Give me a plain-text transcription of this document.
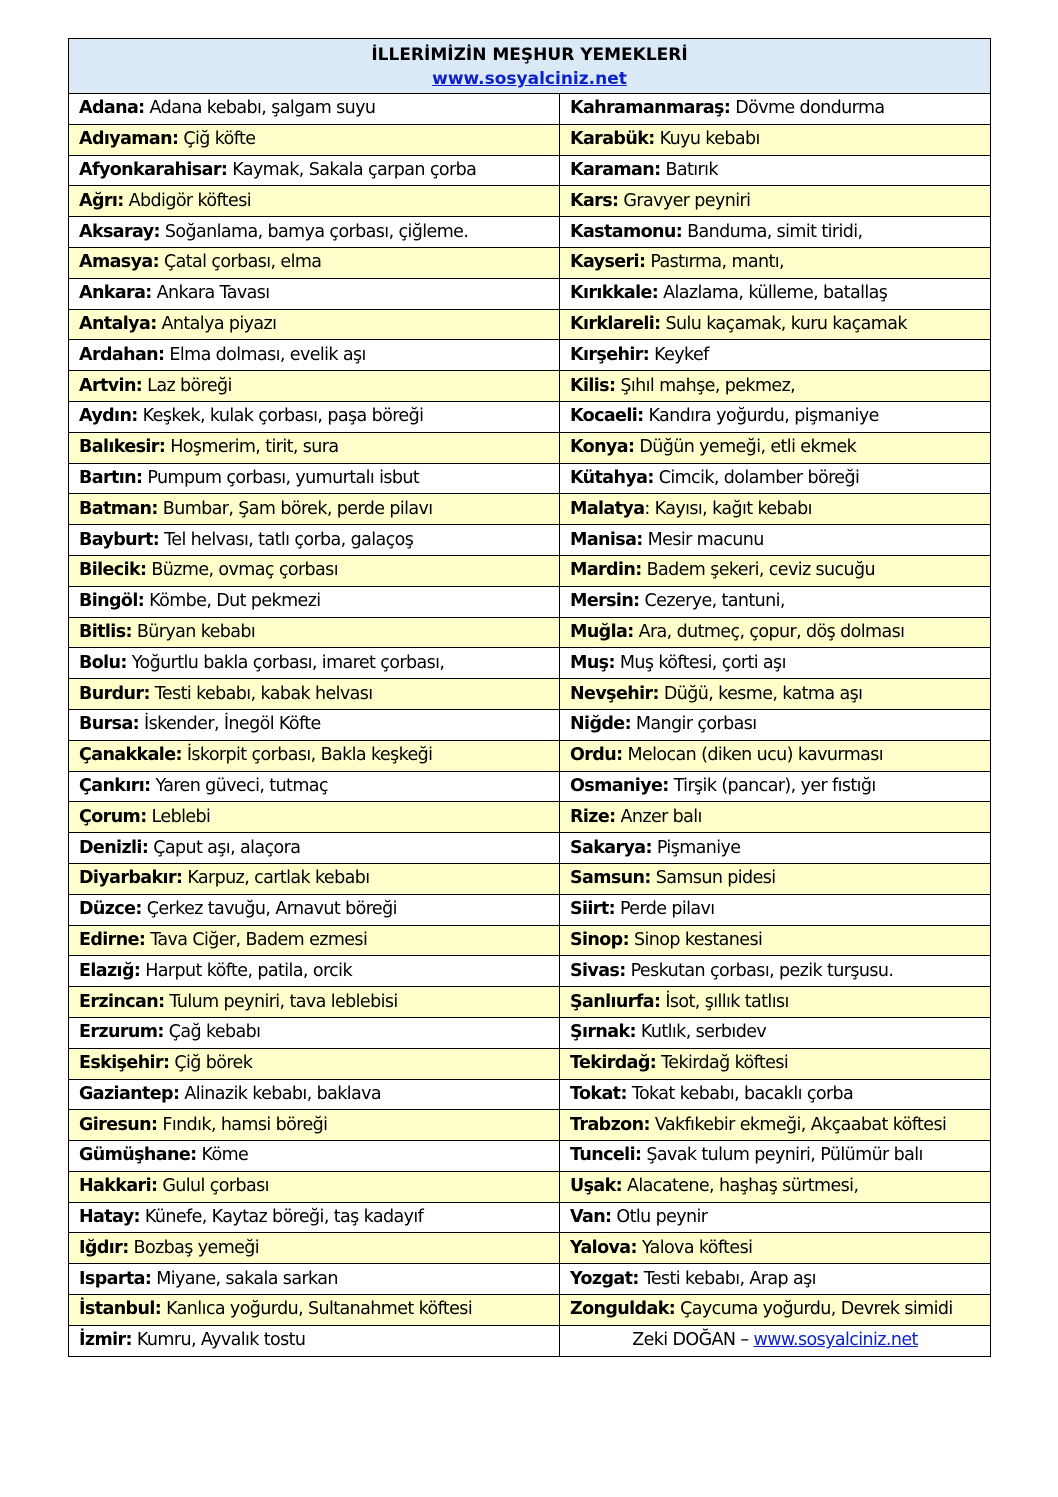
İLLERİMİZİN MEŞHUR YEMEKLERİ
www.sosyalciniz.net	

Adana: Adana kebabı, şalgam suyu	Kahramanmaraş: Dövme dondurma
Adıyaman: Çiğ köfte	Karabük: Kuyu kebabı
Afyonkarahisar: Kaymak, Sakala çarpan çorba	Karaman: Batırık
Ağrı: Abdigör köftesi	Kars: Gravyer peyniri
Aksaray: Soğanlama, bamya çorbası, çiğleme.	Kastamonu: Banduma, simit tiridi,
Amasya: Çatal çorbası, elma	Kayseri: Pastırma, mantı,
Ankara: Ankara Tavası	Kırıkkale: Alazlama, külleme, batallaş
Antalya: Antalya piyazı	Kırklareli: Sulu kaçamak, kuru kaçamak
Ardahan: Elma dolması, evelik aşı	Kırşehir: Keykef
Artvin: Laz böreği	Kilis: Şıhıl mahşe, pekmez,
Aydın: Keşkek, kulak çorbası, paşa böreği	Kocaeli: Kandıra yoğurdu, pişmaniye
Balıkesir: Hoşmerim, tirit, sura	Konya: Düğün yemeği, etli ekmek
Bartın: Pumpum çorbası, yumurtalı isbut	Kütahya: Cimcik, dolamber böreği
Batman: Bumbar, Şam börek, perde pilavı	Malatya: Kayısı, kağıt kebabı
Bayburt: Tel helvası, tatlı çorba, galaçoş	Manisa: Mesir macunu
Bilecik: Büzme, ovmaç çorbası	Mardin: Badem şekeri, ceviz sucuğu
Bingöl: Kömbe, Dut pekmezi	Mersin: Cezerye, tantuni,
Bitlis: Büryan kebabı	Muğla: Ara, dutmeç, çopur, döş dolması
Bolu: Yoğurtlu bakla çorbası, imaret çorbası,	Muş: Muş köftesi, çorti aşı
Burdur: Testi kebabı, kabak helvası	Nevşehir: Düğü, kesme, katma aşı
Bursa: İskender, İnegöl Köfte	Niğde: Mangir çorbası
Çanakkale: İskorpit çorbası, Bakla keşkeği	Ordu: Melocan (diken ucu) kavurması
Çankırı: Yaren güveci, tutmaç	Osmaniye: Tirşik (pancar), yer fıstığı
Çorum: Leblebi	Rize: Anzer balı
Denizli: Çaput aşı, alaçora	Sakarya: Pişmaniye
Diyarbakır: Karpuz, cartlak kebabı	Samsun: Samsun pidesi
Düzce: Çerkez tavuğu, Arnavut böreği	Siirt: Perde pilavı
Edirne: Tava Ciğer, Badem ezmesi	Sinop: Sinop kestanesi
Elazığ: Harput köfte, patila, orcik	Sivas: Peskutan çorbası, pezik turşusu.
Erzincan: Tulum peyniri, tava leblebisi	Şanlıurfa: İsot, şıllık tatlısı
Erzurum: Çağ kebabı	Şırnak: Kutlık, serbıdev
Eskişehir: Çiğ börek	Tekirdağ: Tekirdağ köftesi
Gaziantep: Alinazik kebabı, baklava	Tokat: Tokat kebabı, bacaklı çorba
Giresun: Fındık, hamsi böreği	Trabzon: Vakfıkebir ekmeği, Akçaabat köftesi
Gümüşhane: Köme	Tunceli: Şavak tulum peyniri, Pülümür balı
Hakkari: Gulul çorbası	Uşak: Alacatene, haşhaş sürtmesi,
Hatay: Künefe, Kaytaz böreği, taş kadayıf	Van: Otlu peynir
Iğdır: Bozbaş yemeği	Yalova: Yalova köftesi
Isparta: Miyane, sakala sarkan	Yozgat: Testi kebabı, Arap aşı
İstanbul: Kanlıca yoğurdu, Sultanahmet köftesi	Zonguldak: Çaycuma yoğurdu, Devrek simidi
İzmir: Kumru, Ayvalık tostu	Zeki DOĞAN – www.sosyalciniz.net
